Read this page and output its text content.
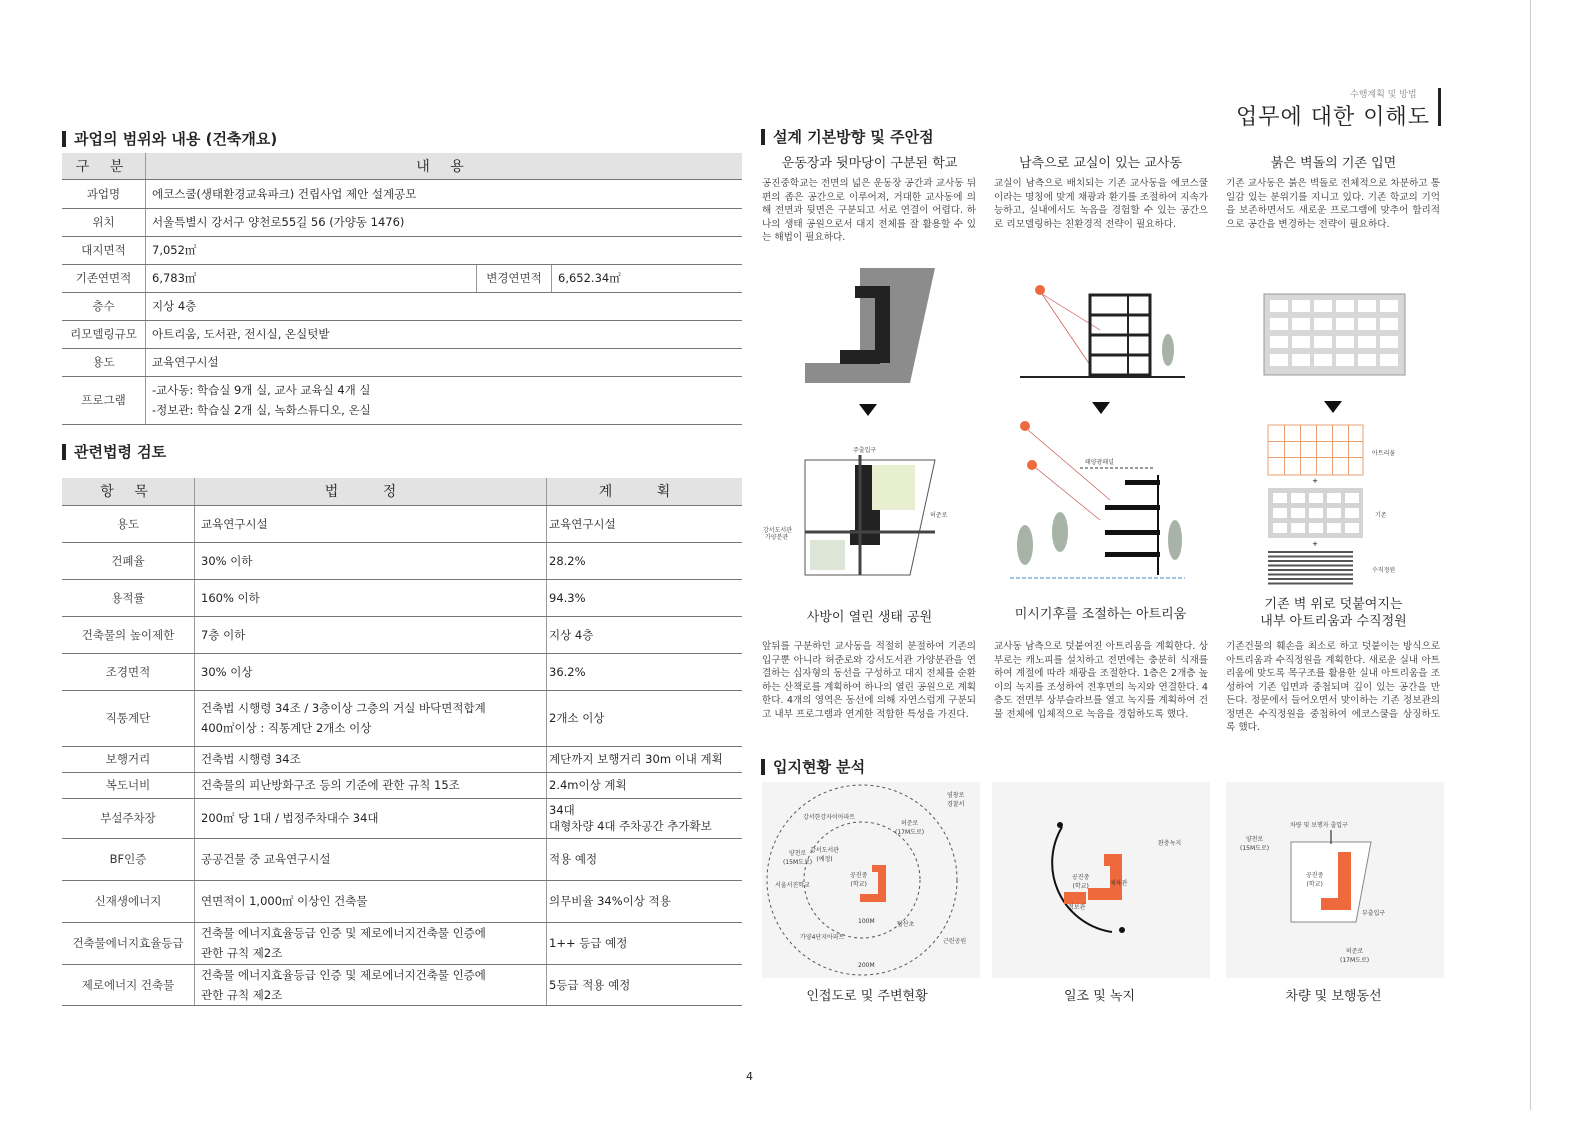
수행계획 및 방법
업무에 대한 이해도
과업의 범위와 내용 (건축개요)
구 분	내 용
과업명	에코스쿨(생태환경교육파크) 건립사업 제안 설계공모		
위치	서울특별시 강서구 양천로55길 56 (가양동 1476)		
대지면적	7,052㎡		
기존연면적	6,783㎡	변경연면적	6,652.34㎡
층수	지상 4층		
리모델링규모	아트리움, 도서관, 전시실, 온실텃밭		
용도	교육연구시설		
프로그램	-교사동: 학습실 9개 실, 교사 교육실 4개 실
-정보관: 학습실 2개 실, 녹화스튜디오, 온실		
관련법령 검토
항 목	법 정	계 획
용도	교육연구시설	교육연구시설

건폐율	30% 이하	28.2%

용적률	160% 이하	94.3%

건축물의 높이제한	7층 이하	지상 4층

조경면적	30% 이상	36.2%

직통계단	건축법 시행령 34조 / 3층이상 그층의 거실 바닥면적합계
400㎡이상 : 직통계단 2개소 이상	2개소 이상

보행거리	건축법 시행령 34조	계단까지 보행거리 30m 이내 계획

복도너비	건축물의 피난방화구조 등의 기준에 관한 규칙 15조	2.4m이상 계획

부설주차장	200㎡ 당 1대 / 법정주차대수 34대	34대
대형차량 4대 주차공간 추가확보

BF인증	공공건물 중 교육연구시설	적용 예정

신재생에너지	연면적이 1,000㎡ 이상인 건축물	의무비율 34%이상 적용

건축물에너지효율등급	건축물 에너지효율등급 인증 및 제로에너지건축물 인증에
관한 규칙 제2조	1++ 등급 예정

제로에너지 건축물	건축물 에너지효율등급 인증 및 제로에너지건축물 인증에
관한 규칙 제2조	5등급 적용 예정
설계 기본방향 및 주안점
운동장과 뒷마당이 구분된 학교
공진중학교는 전면의 넓은 운동장 공간과 교사동 뒤편의 좁은 공간으로 이루어져, 거대한 교사동에 의해 전면과 뒷면은 구분되고 서로 연결이 어렵다. 하나의 생태 공원으로서 대지 전체를 잘 활용할 수 있는 해법이 필요하다.
주출입구
허준로
강서도서관
가양분관
사방이 열린 생태 공원
앞뒤를 구분하던 교사동을 적절히 분절하여 기존의 입구뿐 아니라 허준로와 강서도서관 가양분관을 연결하는 십자형의 동선을 구성하고 대지 전체를 순환하는 산책로를 계획하여 하나의 열린 공원으로 계획한다. 4개의 영역은 동선에 의해 자연스럽게 구분되고 내부 프로그램과 연계한 적합한 특성을 가진다.
남측으로 교실이 있는 교사동
교실이 남측으로 배치되는 기존 교사동을 에코스쿨이라는 명칭에 맞게 채광과 환기를 조절하여 지속가능하고, 실내에서도 녹음을 경험할 수 있는 공간으로 리모델링하는 친환경적 전략이 필요하다.
태양광패널
미시기후를 조절하는 아트리움
교사동 남측으로 덧붙여진 아트리움을 계획한다. 상부로는 캐노피를 설치하고 전면에는 충분히 식재를 하여 계절에 따라 채광을 조절한다. 1층은 2개층 높이의 녹지를 조성하여 전후면의 녹지와 연결한다. 4층도 전면부 상부슬라브를 열고 녹지를 계획하여 건물 전체에 입체적으로 녹음을 경험하도록 했다.
붉은 벽돌의 기존 입면
기존 교사동은 붉은 벽돌로 전체적으로 차분하고 통일감 있는 분위기를 지니고 있다. 기존 학교의 기억을 보존하면서도 새로운 프로그램에 맞추어 합리적으로 공간을 변경하는 전략이 필요하다.
+
+
아트리움
기존
수직정원
기존 벽 위로 덧붙여지는
내부 아트리움과 수직정원
기존건물의 훼손을 최소로 하고 덧붙이는 방식으로 아트리움과 수직정원을 계획한다. 새로운 실내 아트리움에 맞도록 목구조를 활용한 실내 아트리움을 조성하여 기존 입면과 중첩되며 깊이 있는 공간을 만든다. 정문에서 들어오면서 맞이하는 기존 정보관의 정면은 수직정원을 중첩하여 에코스쿨을 상징하도록 했다.
입지현황 분석
강서한강자이아파트
허준로
(17M도로)
강서도서관
(예정)
서울서진학교
공진중
(학교)
양천로
(15M도로)
탑산초
가양4단지아파트
근린공원
100M
200M
염창로
경찰서
완충녹지
공진중
(학교)	체육관
정보관
차량 및 보행자 출입구
양천로
(15M도로)
공진중
(학교)
부출입구
허준로
(17M도로)
인접도로 및 주변현황	일조 및 녹지	차량 및 보행동선
4
